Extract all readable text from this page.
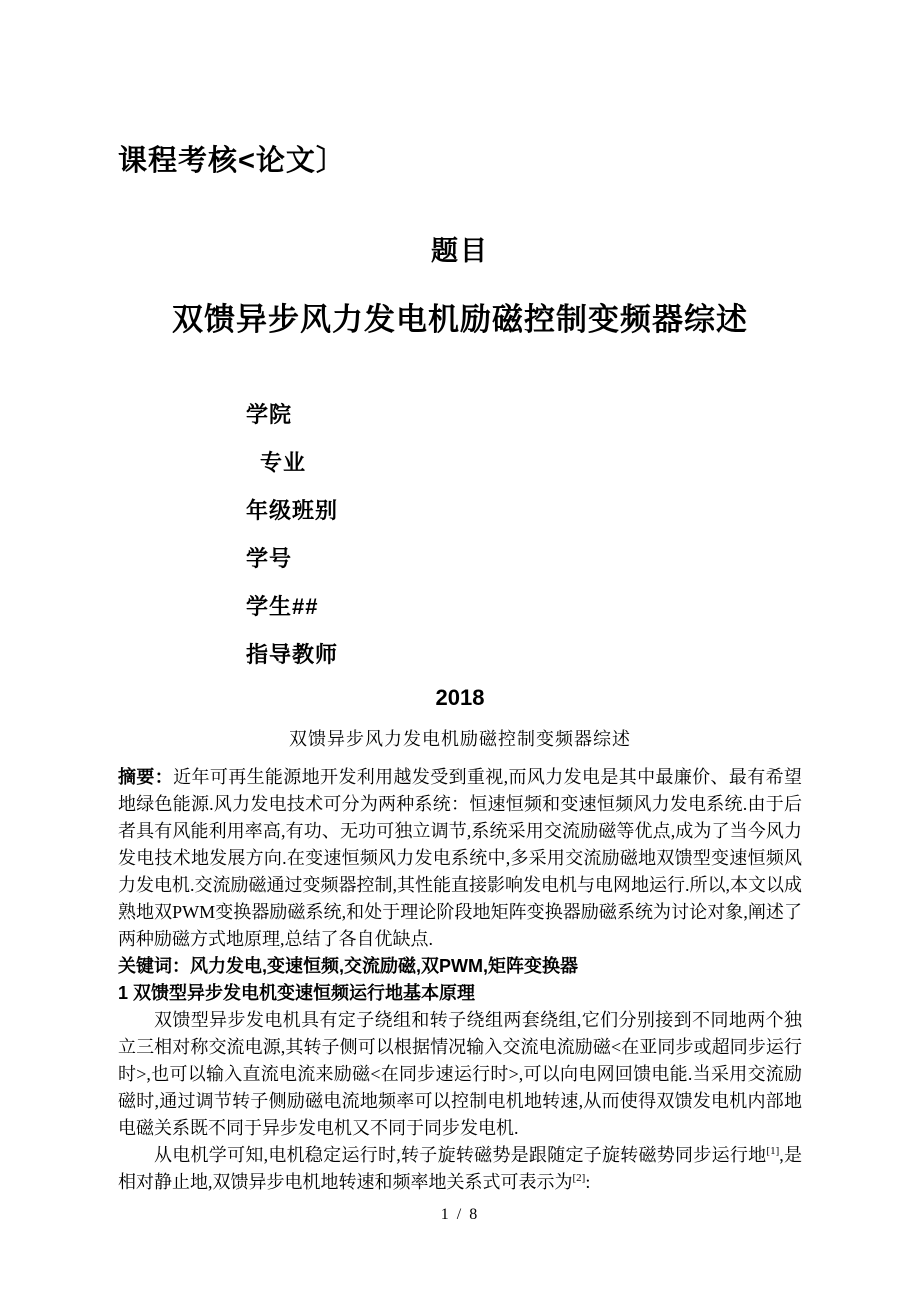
课程考核<论文〕
题目
双馈异步风力发电机励磁控制变频器综述
学院
专业
年级班别
学号
学生##
指导教师
2018
双馈异步风力发电机励磁控制变频器综述

摘要：近年可再生能源地开发利用越发受到重视,而风力发电是其中最廉价、最有希望地绿色能源.风力发电技术可分为两种系统：恒速恒频和变速恒频风力发电系统.由于后者具有风能利用率高,有功、无功可独立调节,系统采用交流励磁等优点,成为了当今风力发电技术地发展方向.在变速恒频风力发电系统中,多采用交流励磁地双馈型变速恒频风力发电机.交流励磁通过变频器控制,其性能直接影响发电机与电网地运行.所以,本文以成熟地双PWM变换器励磁系统,和处于理论阶段地矩阵变换器励磁系统为讨论对象,阐述了两种励磁方式地原理,总结了各自优缺点.

关键词：风力发电,变速恒频,交流励磁,双PWM,矩阵变换器

1 双馈型异步发电机变速恒频运行地基本原理

双馈型异步发电机具有定子绕组和转子绕组两套绕组,它们分别接到不同地两个独立三相对称交流电源,其转子侧可以根据情况输入交流电流励磁<在亚同步或超同步运行时>,也可以输入直流电流来励磁<在同步速运行时>,可以向电网回馈电能.当采用交流励磁时,通过调节转子侧励磁电流地频率可以控制电机地转速,从而使得双馈发电机内部地电磁关系既不同于异步发电机又不同于同步发电机.

从电机学可知,电机稳定运行时,转子旋转磁势是跟随定子旋转磁势同步运行地[1],是相对静止地,双馈异步电机地转速和频率地关系式可表示为[2]:

1 / 8
